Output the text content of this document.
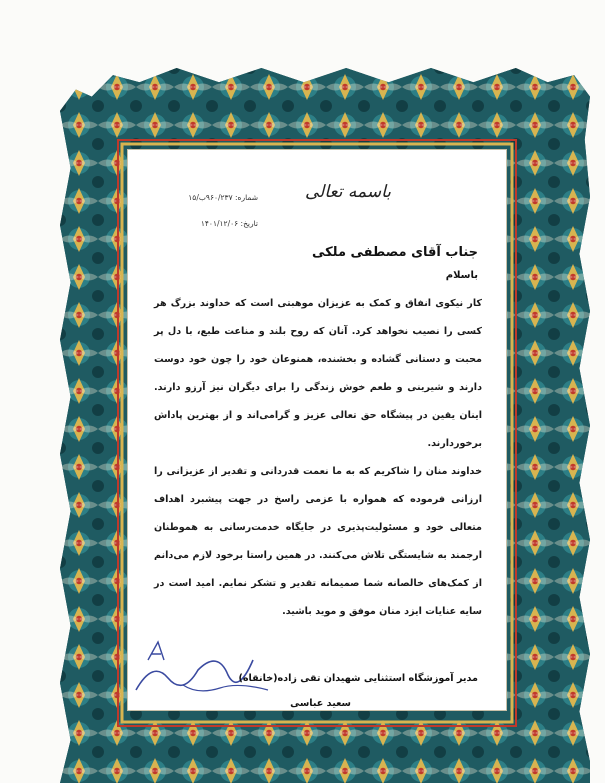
باسمه تعالی
شماره: ۹۶۰/۲۳۷ب/۱۵
تاریخ: ۱۴۰۱/۱۲/۰۶
جناب آقای مصطفی ملکی
باسلام

کار نیکوی انفاق و کمک به عزیزان موهبتی است که خداوند بزرگ هر کسی را نصیب نخواهد کرد. آنان که روح بلند و مناعت طبع، با دل پر محبت و دستانی گشاده و بخشنده، همنوعان خود را چون خود دوست دارند و شیرینی و طعم خوش زندگی را برای دیگران نیز آرزو دارند. اینان یقین در پیشگاه حق تعالی عزیز و گرامی‌اند و از بهترین پاداش برخوردارند.

خداوند منان را شاکریم که به ما نعمت قدردانی و تقدیر از عزیزانی را ارزانی فرموده که همواره با عزمی راسخ در جهت پیشبرد اهداف متعالی خود و مسئولیت‌پذیری در جایگاه خدمت‌رسانی به هموطنان ارجمند به شایستگی تلاش می‌کنند. در همین راستا برخود لازم می‌دانم از کمک‌های خالصانه شما صمیمانه تقدیر و تشکر نمایم. امید است در سایه عنایات ایزد منان موفق و موید باشید.

مدیر آموزشگاه استثنایی شهیدان تقی زاده(خانقاه)
سعید عباسی
